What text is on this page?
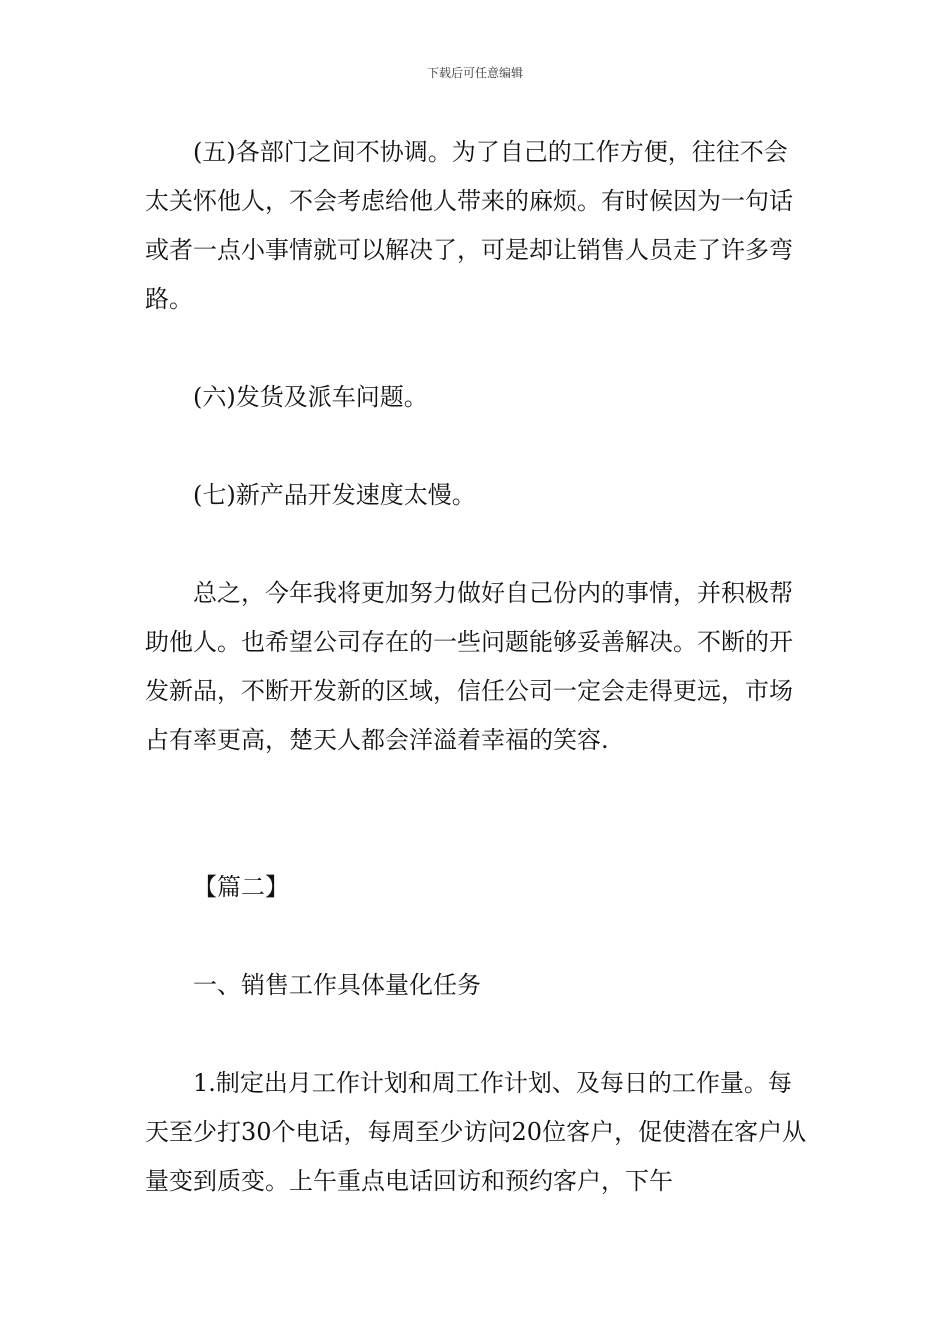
下载后可任意编辑

(五)各部门之间不协调。为了自己的工作方便，往往不会太关怀他人，不会考虑给他人带来的麻烦。有时候因为一句话或者一点小事情就可以解决了，可是却让销售人员走了许多弯路。

(六)发货及派车问题。

(七)新产品开发速度太慢。

总之，今年我将更加努力做好自己份内的事情，并积极帮助他人。也希望公司存在的一些问题能够妥善解决。不断的开发新品，不断开发新的区域，信任公司一定会走得更远，市场占有率更高，楚天人都会洋溢着幸福的笑容.

【篇二】

一、销售工作具体量化任务

1.制定出月工作计划和周工作计划、及每日的工作量。每天至少打30个电话，每周至少访问20位客户，促使潜在客户从量变到质变。上午重点电话回访和预约客户，下午
